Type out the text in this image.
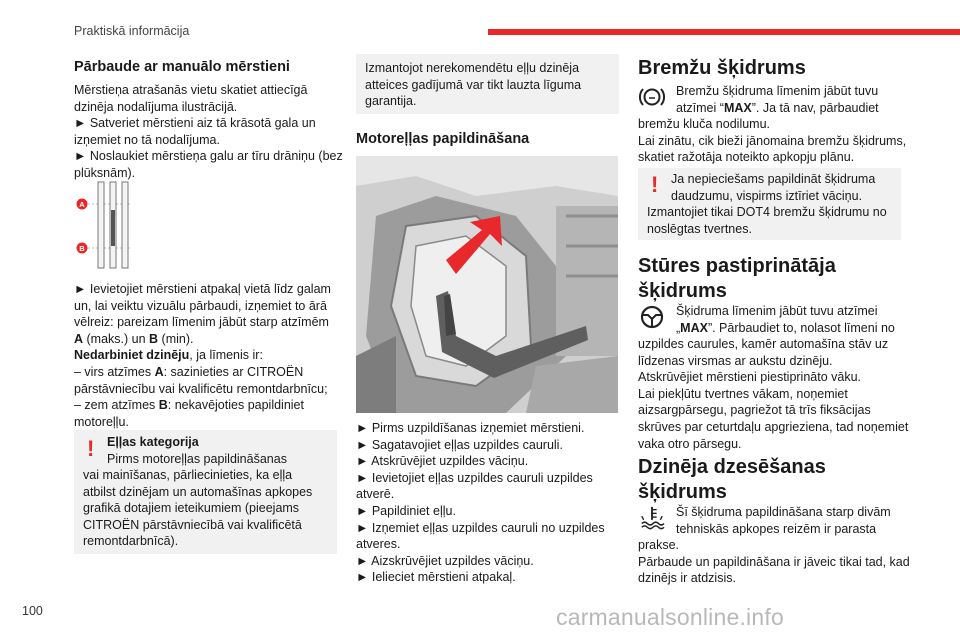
Praktiskā informācija
100	carmanualsonline.info
Pārbaude ar manuālo mērstieni
Mērstieņa atrašanās vietu skatiet attiecīgā
dzinēja nodalījuma ilustrācijā.
► Satveriet mērstieni aiz tā krāsotā gala un
izņemiet no tā nodalījuma.
► Noslaukiet mērstieņa galu ar tīru drāniņu (bez
plūksnām).
A
B
► Ievietojiet mērstieni atpakaļ vietā līdz galam
un, lai veiktu vizuālu pārbaudi, izņemiet to ārā
vēlreiz: pareizam līmenim jābūt starp atzīmēm
A (maks.) un B (min).
Nedarbiniet dzinēju, ja līmenis ir:
– virs atzīmes A: sazinieties ar CITROËN
pārstāvniecību vai kvalificētu remontdarbnīcu;
– zem atzīmes B: nekavējoties papildiniet
motoreļļu.
! Eļļas kategorija
Pirms motoreļļas papildināšanas
vai mainīšanas, pārliecinieties, ka eļļa
atbilst dzinējam un automašīnas apkopes
grafikā dotajiem ieteikumiem (pieejams
CITROËN pārstāvniecībā vai kvalificētā
remontdarbnīcā).
Izmantojot nerekomendētu eļļu dzinēja
atteices gadījumā var tikt lauzta līguma
garantija.
Motoreļļas papildināšana
► Pirms uzpildīšanas izņemiet mērstieni.
► Sagatavojiet eļļas uzpildes cauruli.
► Atskrūvējiet uzpildes vāciņu.
► Ievietojiet eļļas uzpildes cauruli uzpildes
atverē.
► Papildiniet eļļu.
► Izņemiet eļļas uzpildes cauruli no uzpildes
atveres.
► Aizskrūvējiet uzpildes vāciņu.
► Ielieciet mērstieni atpakaļ.
Bremžu šķidrums
Bremžu šķidruma līmenim jābūt tuvu
atzīmei “MAX”. Ja tā nav, pārbaudiet
bremžu kluča nodilumu.
Lai zinātu, cik bieži jānomaina bremžu šķidrums,
skatiet ražotāja noteikto apkopju plānu.
! Ja nepieciešams papildināt šķidruma
daudzumu, vispirms iztīriet vāciņu.
Izmantojiet tikai DOT4 bremžu šķidrumu no
noslēgtas tvertnes.
Stūres pastiprinātāja
šķidrums
Šķidruma līmenim jābūt tuvu atzīmei
„MAX”. Pārbaudiet to, nolasot līmeni no
uzpildes caurules, kamēr automašīna stāv uz
līdzenas virsmas ar aukstu dzinēju.
Atskrūvējiet mērstieni piestiprināto vāku.
Lai piekļūtu tvertnes vākam, noņemiet
aizsargpārsegu, pagriežot tā trīs fiksācijas
skrūves par ceturtdaļu apgrieziena, tad noņemiet
vaka otro pārsegu.
Dzinēja dzesēšanas
šķidrums
Šī šķidruma papildināšana starp divām
tehniskās apkopes reizēm ir parasta
prakse.
Pārbaude un papildināšana ir jāveic tikai tad, kad
dzinējs ir atdzisis.
